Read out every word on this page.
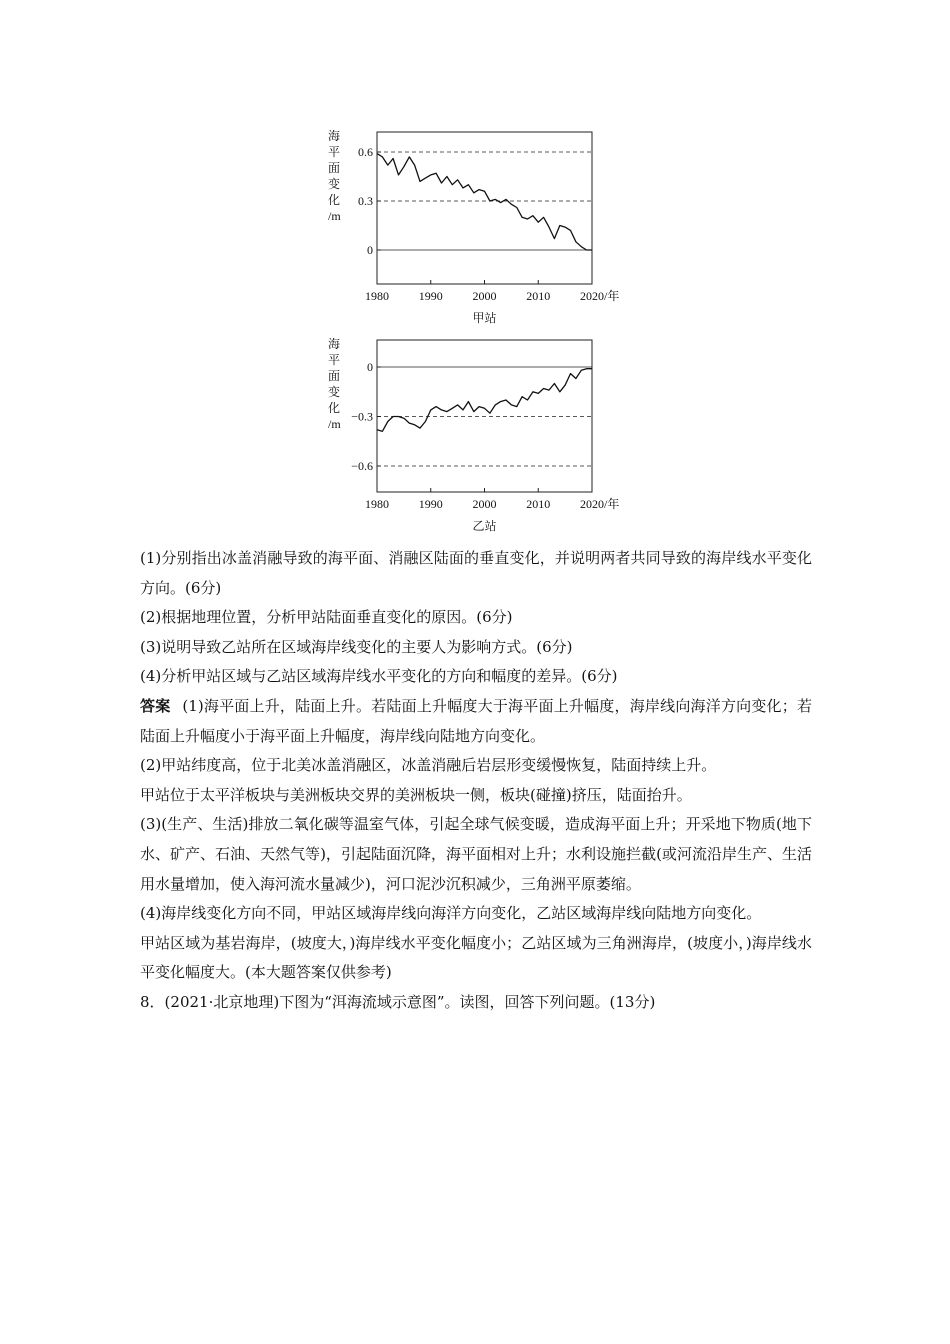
海
平
面
变
化
/m
0.6
0.3
0
1980 1990 2000 2010 2020 /年
甲站
海
平
面
变
化
/m
0
−0.3
−0.6
1980 1990 2000 2010 2020 /年
乙站

(1)分别指出冰盖消融导致的海平面、消融区陆面的垂直变化，并说明两者共同导致的海岸线水平变化方向。(6分)

(2)根据地理位置，分析甲站陆面垂直变化的原因。(6分)

(3)说明导致乙站所在区域海岸线变化的主要人为影响方式。(6分)

(4)分析甲站区域与乙站区域海岸线水平变化的方向和幅度的差异。(6分)

答案 (1)海平面上升，陆面上升。若陆面上升幅度大于海平面上升幅度，海岸线向海洋方向变化；若陆面上升幅度小于海平面上升幅度，海岸线向陆地方向变化。

(2)甲站纬度高，位于北美冰盖消融区，冰盖消融后岩层形变缓慢恢复，陆面持续上升。

甲站位于太平洋板块与美洲板块交界的美洲板块一侧，板块(碰撞)挤压，陆面抬升。

(3)(生产、生活)排放二氧化碳等温室气体，引起全球气候变暖，造成海平面上升；开采地下物质(地下水、矿产、石油、天然气等)，引起陆面沉降，海平面相对上升；水利设施拦截(或河流沿岸生产、生活用水量增加，使入海河流水量减少)，河口泥沙沉积减少，三角洲平原萎缩。

(4)海岸线变化方向不同，甲站区域海岸线向海洋方向变化，乙站区域海岸线向陆地方向变化。

甲站区域为基岩海岸，(坡度大，)海岸线水平变化幅度小；乙站区域为三角洲海岸，(坡度小，)海岸线水平变化幅度大。(本大题答案仅供参考)

8．(2021·北京地理)下图为“洱海流域示意图”。读图，回答下列问题。(13分)
